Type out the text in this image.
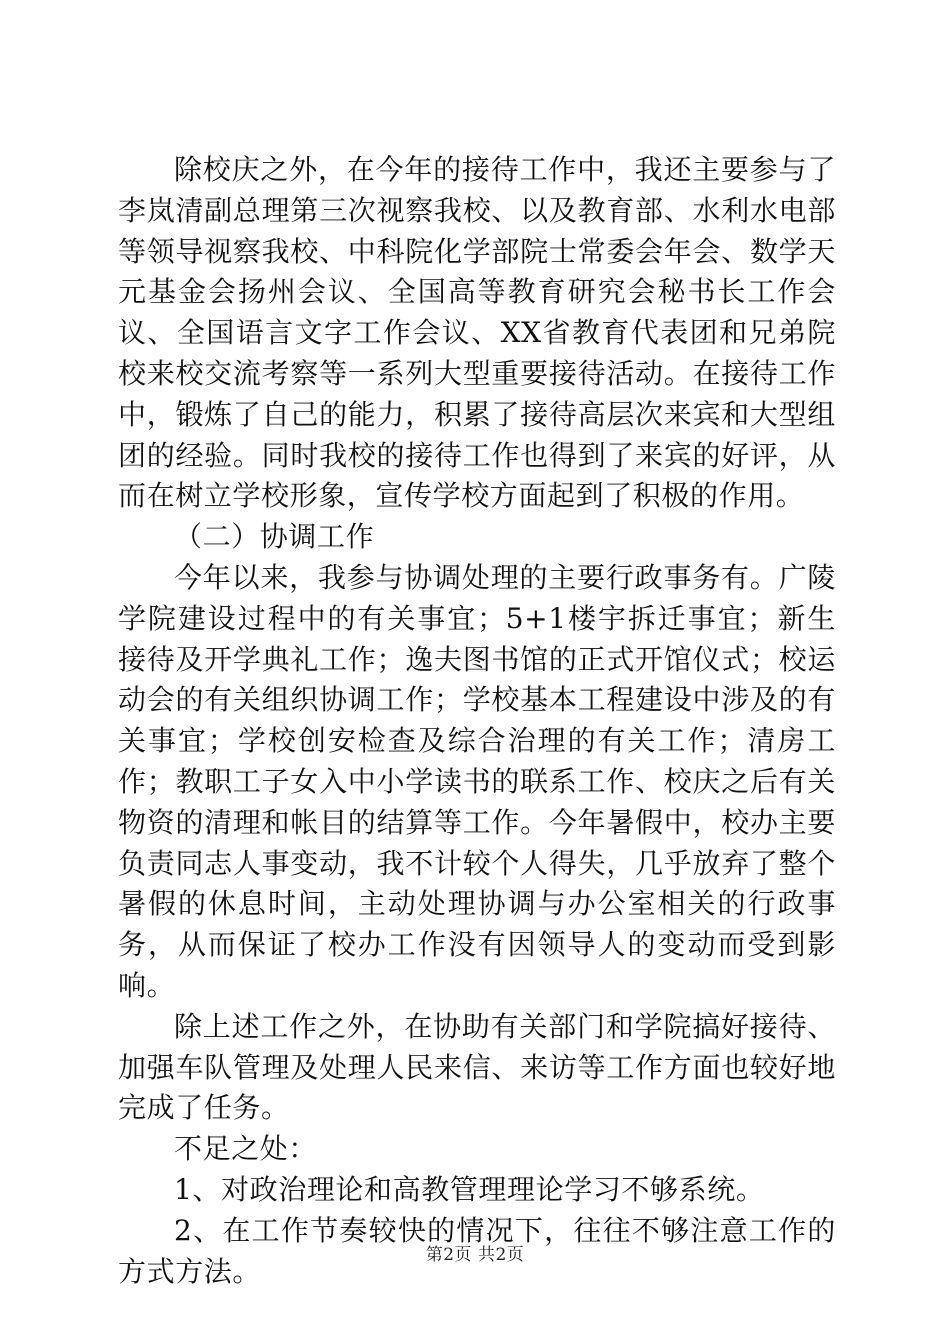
除校庆之外，在今年的接待工作中，我还主要参与了李岚清副总理第三次视察我校、以及教育部、水利水电部等领导视察我校、中科院化学部院士常委会年会、数学天元基金会扬州会议、全国高等教育研究会秘书长工作会议、全国语言文字工作会议、XX省教育代表团和兄弟院校来校交流考察等一系列大型重要接待活动。在接待工作中，锻炼了自己的能力，积累了接待高层次来宾和大型组团的经验。同时我校的接待工作也得到了来宾的好评，从而在树立学校形象，宣传学校方面起到了积极的作用。

（二）协调工作

今年以来，我参与协调处理的主要行政事务有。广陵学院建设过程中的有关事宜；5+1楼宇拆迁事宜；新生接待及开学典礼工作；逸夫图书馆的正式开馆仪式；校运动会的有关组织协调工作；学校基本工程建设中涉及的有关事宜；学校创安检查及综合治理的有关工作；清房工作；教职工子女入中小学读书的联系工作、校庆之后有关物资的清理和帐目的结算等工作。今年暑假中，校办主要负责同志人事变动，我不计较个人得失，几乎放弃了整个暑假的休息时间，主动处理协调与办公室相关的行政事务，从而保证了校办工作没有因领导人的变动而受到影响。

除上述工作之外，在协助有关部门和学院搞好接待、加强车队管理及处理人民来信、来访等工作方面也较好地完成了任务。

不足之处：

1、对政治理论和高教管理理论学习不够系统。

2、在工作节奏较快的情况下，往往不够注意工作的方式方法。	第2页 共2页
